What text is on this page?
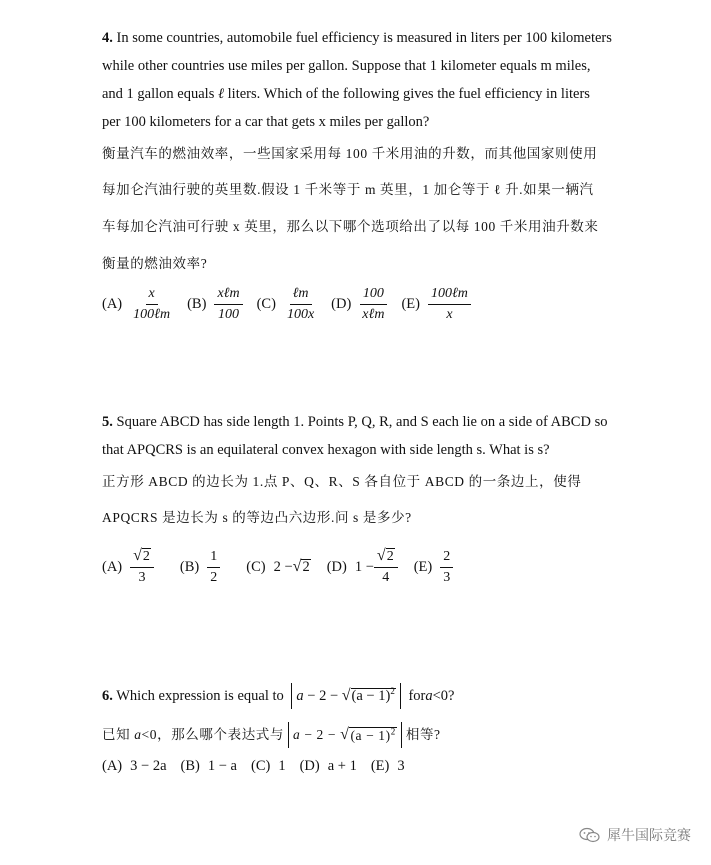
4. In some countries, automobile fuel efficiency is measured in liters per 100 kilometers
while other countries use miles per gallon. Suppose that 1 kilometer equals m miles,
and 1 gallon equals ℓ liters. Which of the following gives the fuel efficiency in liters
per 100 kilometers for a car that gets x miles per gallon?
衡量汽车的燃油效率，一些国家采用每 100 千米用油的升数，而其他国家则使用
每加仑汽油行驶的英里数.假设 1 千米等于 m 英里，1 加仑等于 ℓ 升.如果一辆汽
车每加仑汽油可行驶 x 英里，那么以下哪个选项给出了以每 100 千米用油升数来
衡量的燃油效率?
$(A) \frac{x}{\text{100ℓm}} (B) \frac{\text{xℓm}}{100} (C) \frac{\text{ℓm}}{100x} (D) \frac{100}{\text{xℓm}} (E) \frac{\text{100ℓm}}{x}$
5. Square ABCD has side length 1. Points P, Q, R, and S each lie on a side of ABCD so
that APQCRS is an equilateral convex hexagon with side length s. What is s?
正方形 ABCD 的边长为 1.点 P、Q、R、S 各自位于 ABCD 的一条边上，使得
APQCRS 是边长为 s 的等边凸六边形.问 s 是多少?
$(A) \frac{√ 2}{3} (B) \frac{1}{2} (C) 2$ − √ 2 (D) $1 - \frac{√ 2}{4} (E) \frac{2}{3}$
6. Which expression is equal to a − 2 − √ $(a - 1)^2$
for a <0?
已知 a <0，那么哪个表达式与 a − 2 − √ $(a - 1)^2$ 相等?
(A) 3 − 2a (B) 1 − a (C) 1 (D) a + 1 (E) 3
犀牛国际竞赛
